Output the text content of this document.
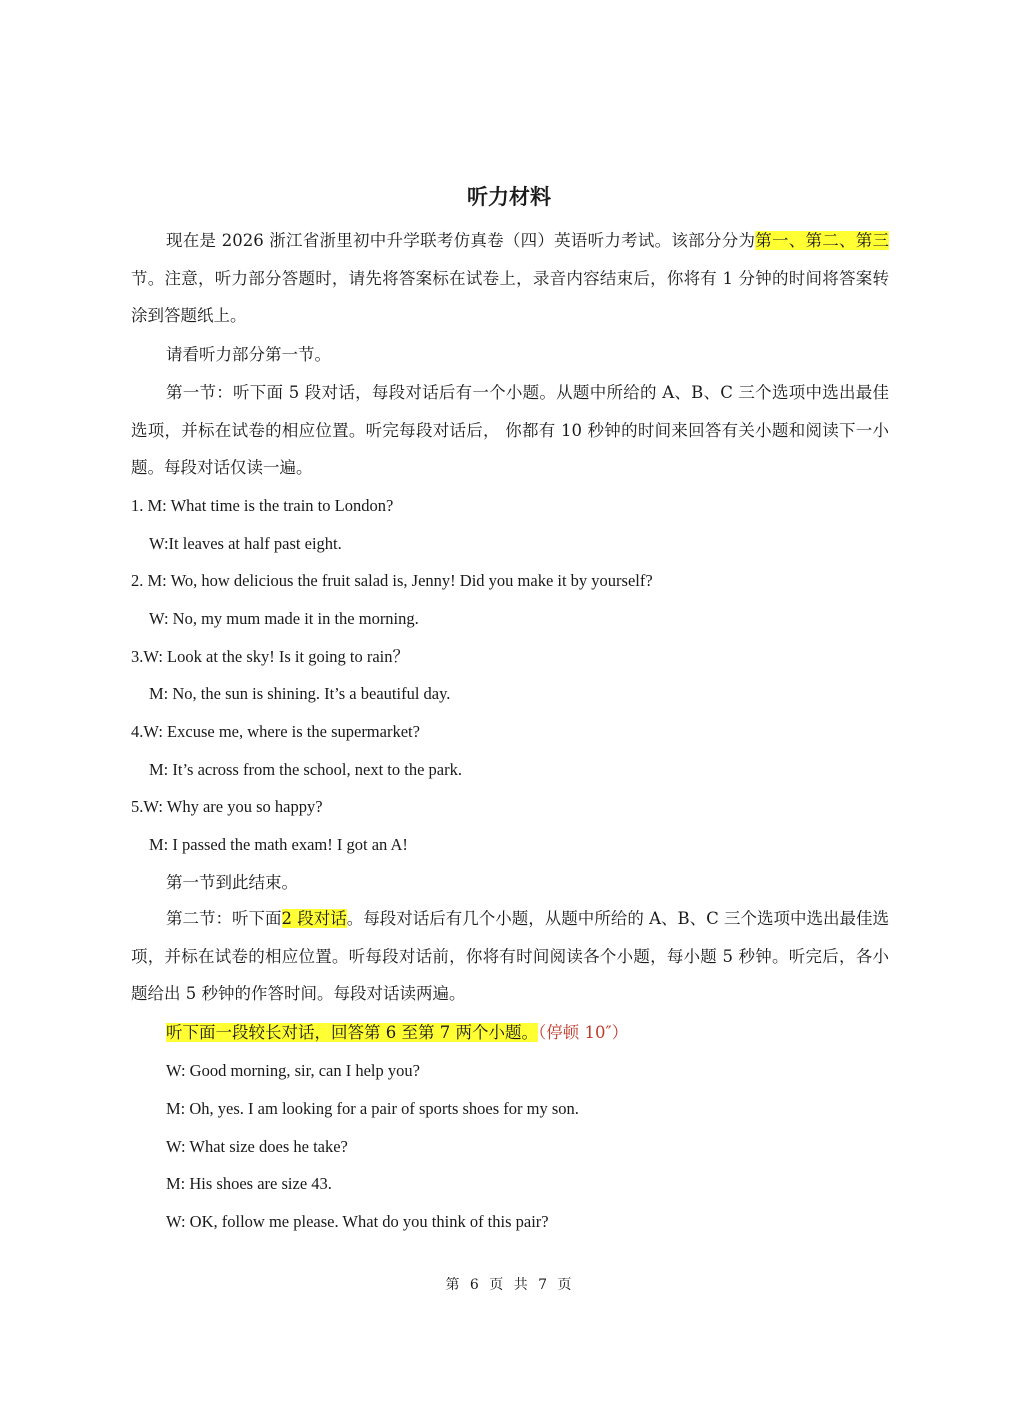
听力材料

现在是 2026 浙江省浙里初中升学联考仿真卷（四）英语听力考试。该部分分为第一、第二、第三节。注意，听力部分答题时，请先将答案标在试卷上，录音内容结束后，你将有 1 分钟的时间将答案转涂到答题纸上。

请看听力部分第一节。

第一节：听下面 5 段对话，每段对话后有一个小题。从题中所给的 A、B、C 三个选项中选出最佳选项，并标在试卷的相应位置。听完每段对话后， 你都有 10 秒钟的时间来回答有关小题和阅读下一小题。每段对话仅读一遍。

1. M: What time is the train to London?
W:It leaves at half past eight.
2. M: Wo, how delicious the fruit salad is, Jenny! Did you make it by yourself?
W: No, my mum made it in the morning.
3.W: Look at the sky! Is it going to rain？
M: No, the sun is shining. It’s a beautiful day.
4.W: Excuse me, where is the supermarket?
M: It’s across from the school, next to the park.
5.W: Why are you so happy?
M: I passed the math exam! I got an A!
第一节到此结束。

第二节：听下面2 段对话。每段对话后有几个小题，从题中所给的 A、B、C 三个选项中选出最佳选项，并标在试卷的相应位置。听每段对话前，你将有时间阅读各个小题，每小题 5 秒钟。听完后，各小题给出 5 秒钟的作答时间。每段对话读两遍。

听下面一段较长对话，回答第 6 至第 7 两个小题。（停顿 10″）
W: Good morning, sir, can I help you?
M: Oh, yes. I am looking for a pair of sports shoes for my son.
W: What size does he take?
M: His shoes are size 43.
W: OK, follow me please. What do you think of this pair?
第 6 页 共 7 页
